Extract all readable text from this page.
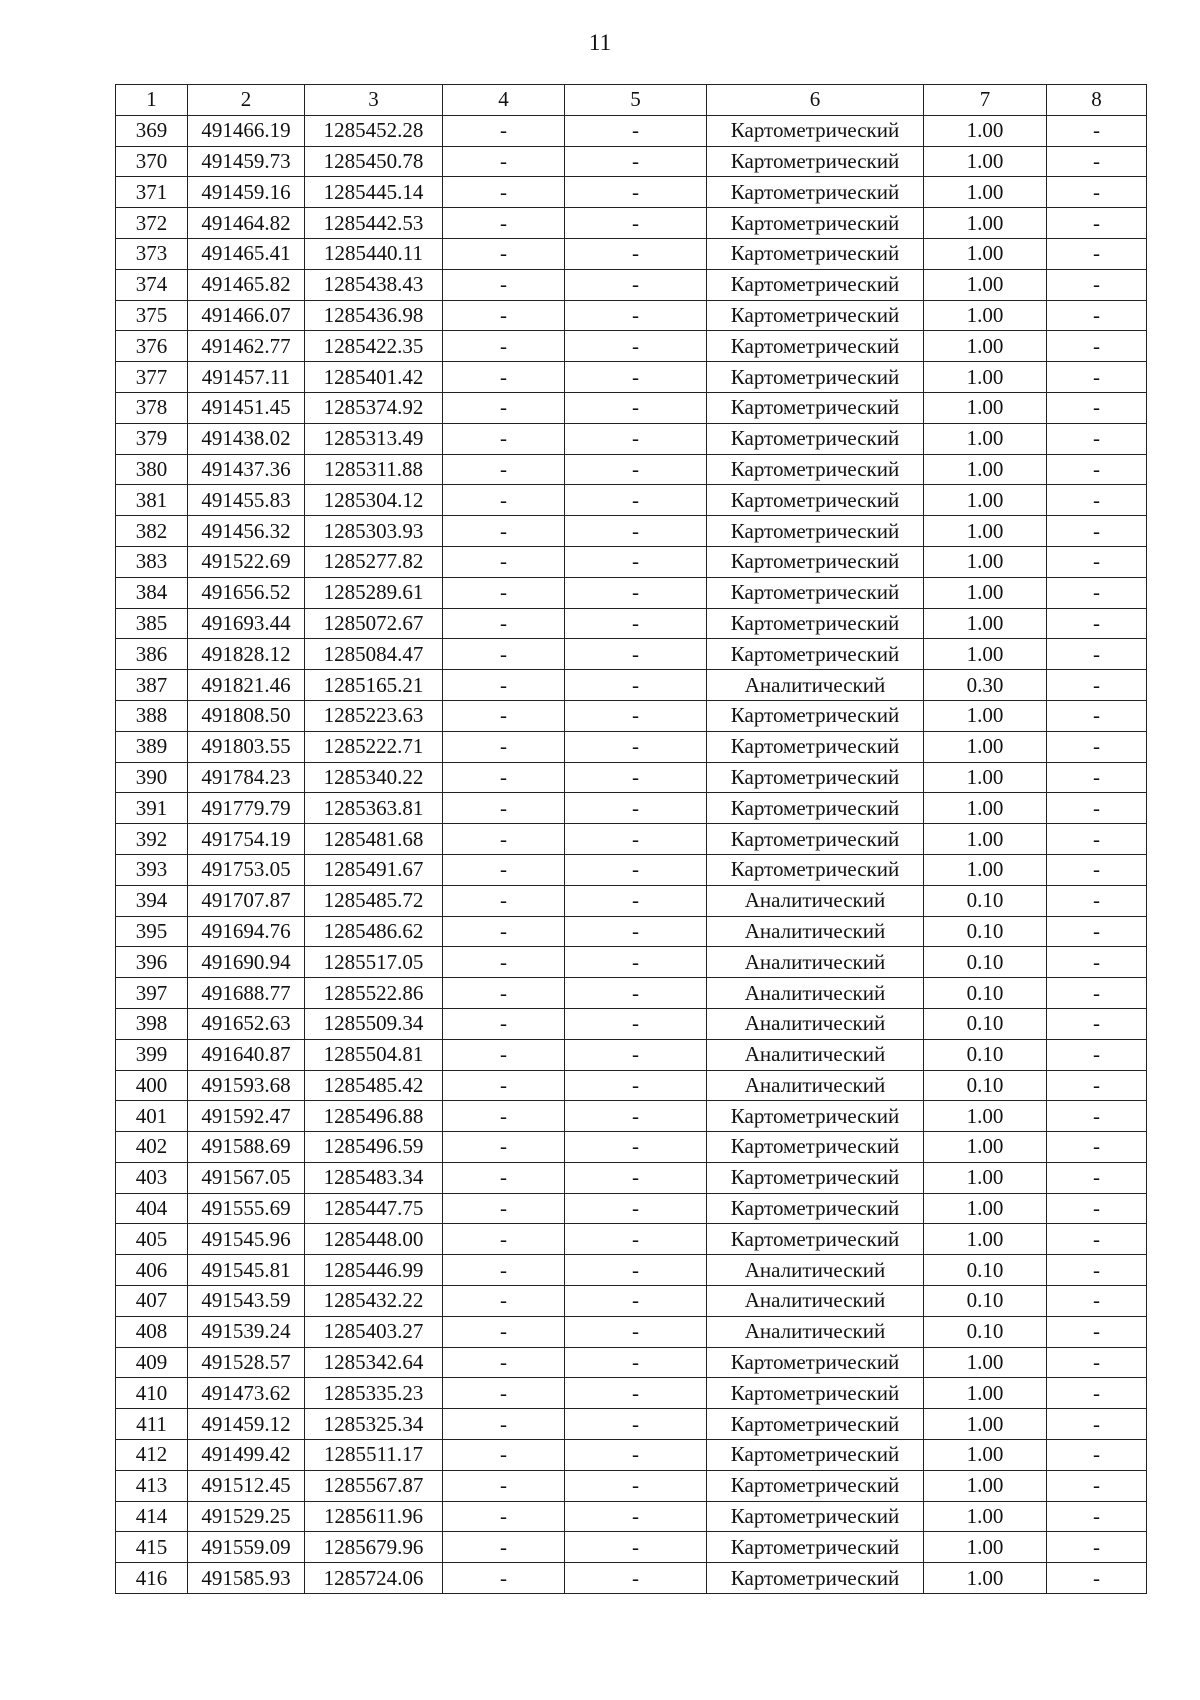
11
1	2	3	4	5	6	7	8
369	491466.19	1285452.28	-	-	Картометрический	1.00	-
370	491459.73	1285450.78	-	-	Картометрический	1.00	-
371	491459.16	1285445.14	-	-	Картометрический	1.00	-
372	491464.82	1285442.53	-	-	Картометрический	1.00	-
373	491465.41	1285440.11	-	-	Картометрический	1.00	-
374	491465.82	1285438.43	-	-	Картометрический	1.00	-
375	491466.07	1285436.98	-	-	Картометрический	1.00	-
376	491462.77	1285422.35	-	-	Картометрический	1.00	-
377	491457.11	1285401.42	-	-	Картометрический	1.00	-
378	491451.45	1285374.92	-	-	Картометрический	1.00	-
379	491438.02	1285313.49	-	-	Картометрический	1.00	-
380	491437.36	1285311.88	-	-	Картометрический	1.00	-
381	491455.83	1285304.12	-	-	Картометрический	1.00	-
382	491456.32	1285303.93	-	-	Картометрический	1.00	-
383	491522.69	1285277.82	-	-	Картометрический	1.00	-
384	491656.52	1285289.61	-	-	Картометрический	1.00	-
385	491693.44	1285072.67	-	-	Картометрический	1.00	-
386	491828.12	1285084.47	-	-	Картометрический	1.00	-
387	491821.46	1285165.21	-	-	Аналитический	0.30	-
388	491808.50	1285223.63	-	-	Картометрический	1.00	-
389	491803.55	1285222.71	-	-	Картометрический	1.00	-
390	491784.23	1285340.22	-	-	Картометрический	1.00	-
391	491779.79	1285363.81	-	-	Картометрический	1.00	-
392	491754.19	1285481.68	-	-	Картометрический	1.00	-
393	491753.05	1285491.67	-	-	Картометрический	1.00	-
394	491707.87	1285485.72	-	-	Аналитический	0.10	-
395	491694.76	1285486.62	-	-	Аналитический	0.10	-
396	491690.94	1285517.05	-	-	Аналитический	0.10	-
397	491688.77	1285522.86	-	-	Аналитический	0.10	-
398	491652.63	1285509.34	-	-	Аналитический	0.10	-
399	491640.87	1285504.81	-	-	Аналитический	0.10	-
400	491593.68	1285485.42	-	-	Аналитический	0.10	-
401	491592.47	1285496.88	-	-	Картометрический	1.00	-
402	491588.69	1285496.59	-	-	Картометрический	1.00	-
403	491567.05	1285483.34	-	-	Картометрический	1.00	-
404	491555.69	1285447.75	-	-	Картометрический	1.00	-
405	491545.96	1285448.00	-	-	Картометрический	1.00	-
406	491545.81	1285446.99	-	-	Аналитический	0.10	-
407	491543.59	1285432.22	-	-	Аналитический	0.10	-
408	491539.24	1285403.27	-	-	Аналитический	0.10	-
409	491528.57	1285342.64	-	-	Картометрический	1.00	-
410	491473.62	1285335.23	-	-	Картометрический	1.00	-
411	491459.12	1285325.34	-	-	Картометрический	1.00	-
412	491499.42	1285511.17	-	-	Картометрический	1.00	-
413	491512.45	1285567.87	-	-	Картометрический	1.00	-
414	491529.25	1285611.96	-	-	Картометрический	1.00	-
415	491559.09	1285679.96	-	-	Картометрический	1.00	-
416	491585.93	1285724.06	-	-	Картометрический	1.00	-
